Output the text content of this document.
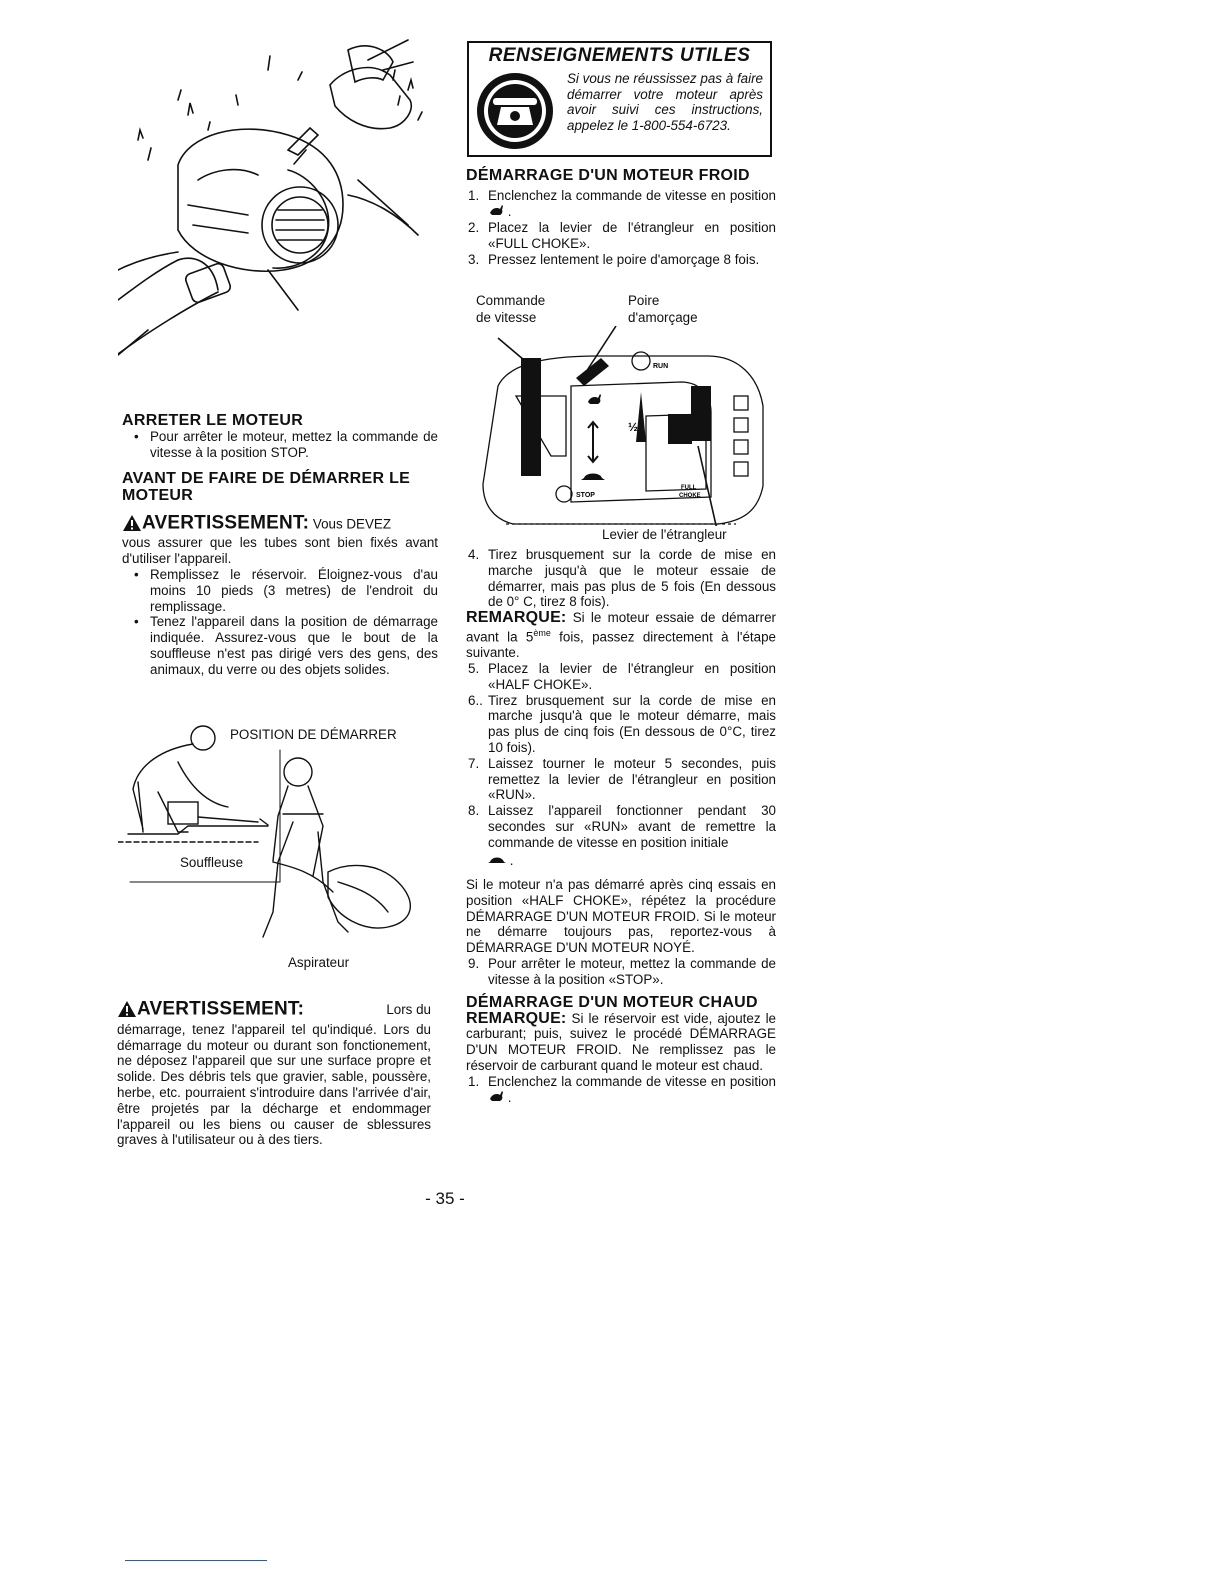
ARRETER LE MOTEUR

• Pour arrêter le moteur, mettez la commande de vitesse à la position STOP.

AVANT DE FAIRE DE DÉMARRER LE MOTEUR
AVERTISSEMENT: Vous DEVEZ

vous assurer que les tubes sont bien fixés avant d'utiliser l'appareil.

• Remplissez le réservoir. Éloignez-vous d'au moins 10 pieds (3 metres) de l'endroit du remplissage.

• Tenez l'appareil dans la position de démarrage indiquée. Assurez-vous que le bout de la souffleuse n'est pas dirigé vers des gens, des animaux, du verre ou des objets solides.

POSITION DE DÉMARRER
Souffleuse
Aspirateur
AVERTISSEMENT:	Lors du

démarrage, tenez l'appareil tel qu'indiqué. Lors du démarrage du moteur ou durant son fonctionement, ne déposez l'appareil que sur une surface propre et solide. Des débris tels que gravier, sable, poussère, herbe, etc. pourraient s'introduire dans l'arrivée d'air, être projetés par la décharge et endommager l'appareil ou les biens ou causer de sblessures graves à l'utilisateur ou à des tiers.

RENSEIGNEMENTS UTILES
Si vous ne réussissez pas à faire démarrer votre moteur après avoir suivi ces instructions, appelez le 1-800-554-6723.
DÉMARRAGE D'UN MOTEUR FROID
1. Enclenchez la commande de vitesse en position  .
2. Placez la levier de l'étrangleur en position «FULL CHOKE».
3. Pressez lentement le poire d'amorçage 8 fois.
Commande
de vitesse
Poire
d'amorçage
RUN
½
STOP
FULL
CHOKE
Levier de l'étrangleur
4. Tirez brusquement sur la corde de mise en marche jusqu'à que le moteur essaie de démarrer, mais pas plus de 5 fois (En dessous de 0° C, tirez 8 fois).

REMARQUE: Si le moteur essaie de démarrer avant la 5ème fois, passez directement à l'étape suivante.

5. Placez la levier de l'étrangleur en position «HALF CHOKE».
6.. Tirez brusquement sur la corde de mise en marche jusqu'à que le moteur démarre, mais pas plus de cinq fois (En dessous de 0°C, tirez 10 fois).
7. Laissez tourner le moteur 5 secondes, puis remettez la levier de l'étrangleur en position «RUN».
8. Laissez l'appareil fonctionner pendant 30 secondes sur «RUN» avant de remettre la commande de vitesse en position initiale
.

Si le moteur n'a pas démarré après cinq essais en position «HALF CHOKE», répétez la procédure DÉMARRAGE D'UN MOTEUR FROID. Si le moteur ne démarre toujours pas, reportez-vous à DÉMARRAGE D'UN MOTEUR NOYÉ.

9. Pour arrêter le moteur, mettez la commande de vitesse à la position «STOP».
DÉMARRAGE D'UN MOTEUR CHAUD

REMARQUE: Si le réservoir est vide, ajoutez le carburant; puis, suivez le procédé DÉMARRAGE D'UN MOTEUR FROID. Ne remplissez pas le réservoir de carburant quand le moteur est chaud.

1. Enclenchez la commande de vitesse en position  .
- 35 -
